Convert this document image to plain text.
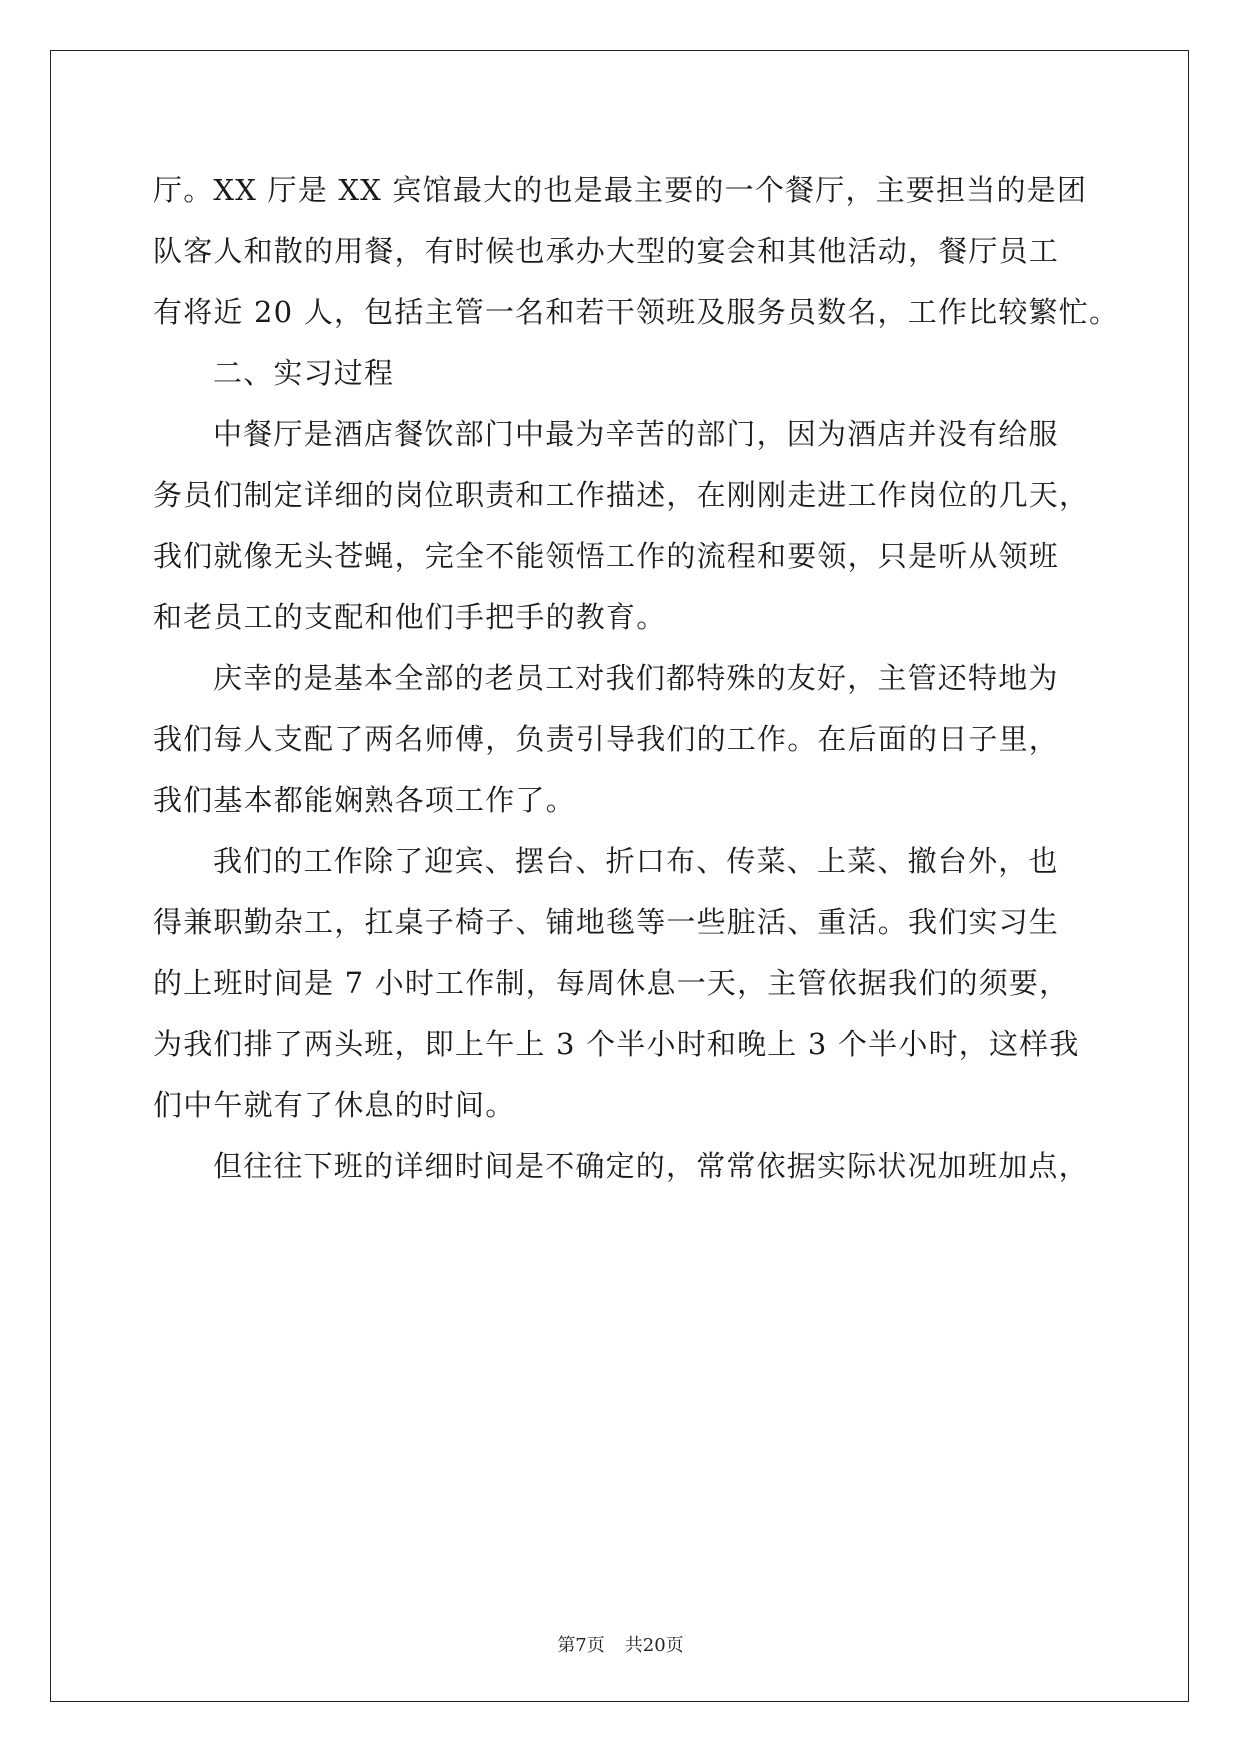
厅。XX 厅是 XX 宾馆最大的也是最主要的一个餐厅，主要担当的是团
队客人和散的用餐，有时候也承办大型的宴会和其他活动，餐厅员工
有将近 20 人，包括主管一名和若干领班及服务员数名，工作比较繁忙。
二、实习过程
中餐厅是酒店餐饮部门中最为辛苦的部门，因为酒店并没有给服
务员们制定详细的岗位职责和工作描述，在刚刚走进工作岗位的几天，
我们就像无头苍蝇，完全不能领悟工作的流程和要领，只是听从领班
和老员工的支配和他们手把手的教育。
庆幸的是基本全部的老员工对我们都特殊的友好，主管还特地为
我们每人支配了两名师傅，负责引导我们的工作。在后面的日子里，
我们基本都能娴熟各项工作了。
我们的工作除了迎宾、摆台、折口布、传菜、上菜、撤台外，也
得兼职勤杂工，扛桌子椅子、铺地毯等一些脏活、重活。我们实习生
的上班时间是 7 小时工作制，每周休息一天，主管依据我们的须要，
为我们排了两头班，即上午上 3 个半小时和晚上 3 个半小时，这样我
们中午就有了休息的时间。
但往往下班的详细时间是不确定的，常常依据实际状况加班加点，
第7页 共20页
